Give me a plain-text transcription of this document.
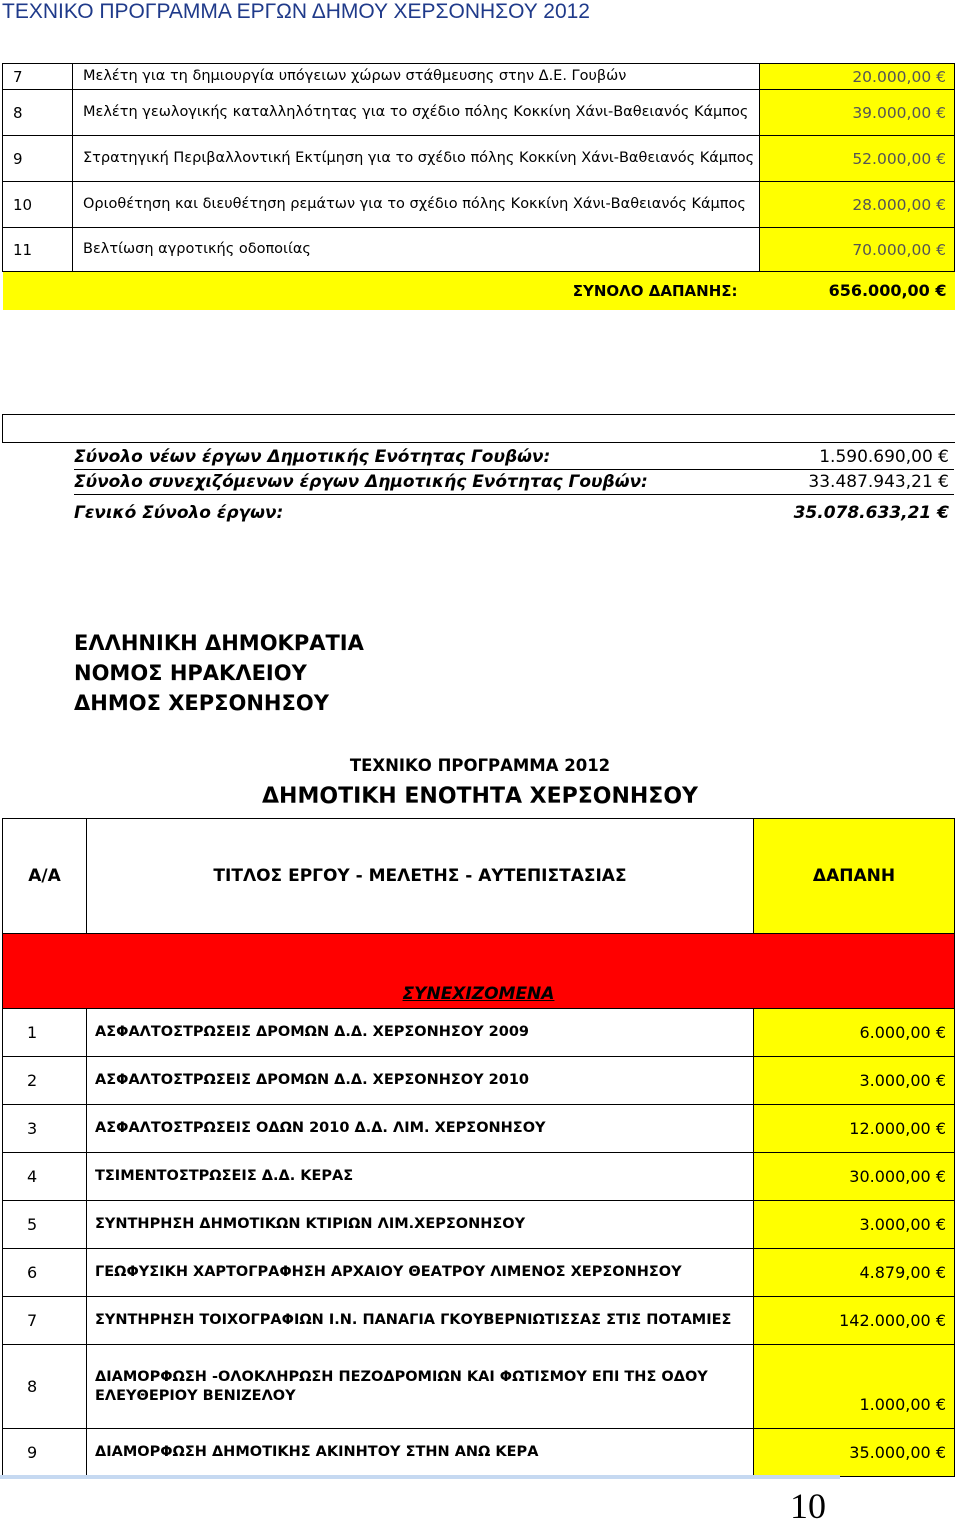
ΤΕΧΝΙΚΟ ΠΡΟΓΡΑΜΜΑ ΕΡΓΩΝ ΔΗΜΟΥ ΧΕΡΣΟΝΗΣΟΥ 2012
7	Μελέτη για τη δημιουργία υπόγειων χώρων στάθμευσης στην Δ.Ε. Γουβών	20.000,00 €
8	Μελέτη γεωλογικής καταλληλότητας για το σχέδιο πόλης Κοκκίνη Χάνι-Βαθειανός Κάμπος	39.000,00 €
9	Στρατηγική Περιβαλλοντική Εκτίμηση για το σχέδιο πόλης Κοκκίνη Χάνι-Βαθειανός Κάμπος	52.000,00 €
10	Οριοθέτηση και διευθέτηση ρεμάτων για το σχέδιο πόλης Κοκκίνη Χάνι-Βαθειανός Κάμπος	28.000,00 €
11	Βελτίωση αγροτικής οδοποιίας	70.000,00 €
ΣΥΝΟΛΟ ΔΑΠΑΝΗΣ:		656.000,00 €
Σύνολο νέων έργων Δημοτικής Ενότητας Γουβών:	1.590.690,00 €
Σύνολο συνεχιζόμενων έργων Δημοτικής Ενότητας Γουβών:	33.487.943,21 €
Γενικό Σύνολο έργων:	35.078.633,21 €
ΕΛΛΗΝΙΚΗ ΔΗΜΟΚΡΑΤΙΑ
ΝΟΜΟΣ ΗΡΑΚΛΕΙΟΥ
ΔΗΜΟΣ ΧΕΡΣΟΝΗΣΟΥ
ΤΕΧΝΙΚΟ ΠΡΟΓΡΑΜΜΑ 2012
ΔΗΜΟΤΙΚΗ ΕΝΟΤΗΤΑ ΧΕΡΣΟΝΗΣΟΥ
Α/Α	ΤΙΤΛΟΣ ΕΡΓΟΥ - ΜΕΛΕΤΗΣ - ΑΥΤΕΠΙΣΤΑΣΙΑΣ	ΔΑΠΑΝΗ
ΣΥΝΕΧΙΖΟΜΕΝΑ		
1	ΑΣΦΑΛΤΟΣΤΡΩΣΕΙΣ ΔΡΟΜΩΝ Δ.Δ. ΧΕΡΣΟΝΗΣΟΥ 2009	6.000,00 €
2	ΑΣΦΑΛΤΟΣΤΡΩΣΕΙΣ ΔΡΟΜΩΝ Δ.Δ. ΧΕΡΣΟΝΗΣΟΥ 2010	3.000,00 €
3	ΑΣΦΑΛΤΟΣΤΡΩΣΕΙΣ ΟΔΩΝ 2010 Δ.Δ. ΛΙΜ. ΧΕΡΣΟΝΗΣΟΥ	12.000,00 €
4	ΤΣΙΜΕΝΤΟΣΤΡΩΣΕΙΣ Δ.Δ. ΚΕΡΑΣ	30.000,00 €
5	ΣΥΝΤΗΡΗΣΗ ΔΗΜΟΤΙΚΩΝ ΚΤΙΡΙΩΝ ΛΙΜ.ΧΕΡΣΟΝΗΣΟΥ	3.000,00 €
6	ΓΕΩΦΥΣΙΚΗ ΧΑΡΤΟΓΡΑΦΗΣΗ ΑΡΧΑΙΟΥ ΘΕΑΤΡΟΥ ΛΙΜΕΝΟΣ ΧΕΡΣΟΝΗΣΟΥ	4.879,00 €
7	ΣΥΝΤΗΡΗΣΗ ΤΟΙΧΟΓΡΑΦΙΩΝ Ι.Ν. ΠΑΝΑΓΙΑ ΓΚΟΥΒΕΡΝΙΩΤΙΣΣΑΣ ΣΤΙΣ ΠΟΤΑΜΙΕΣ	142.000,00 €
8	ΔΙΑΜΟΡΦΩΣΗ -ΟΛΟΚΛΗΡΩΣΗ ΠΕΖΟΔΡΟΜΙΩΝ ΚΑΙ ΦΩΤΙΣΜΟΥ ΕΠΙ ΤΗΣ ΟΔΟΥ ΕΛΕΥΘΕΡΙΟΥ ΒΕΝΙΖΕΛΟΥ	1.000,00 €
9	ΔΙΑΜΟΡΦΩΣΗ ΔΗΜΟΤΙΚΗΣ ΑΚΙΝΗΤΟΥ ΣΤΗΝ ΑΝΩ ΚΕΡΑ	35.000,00 €
10
